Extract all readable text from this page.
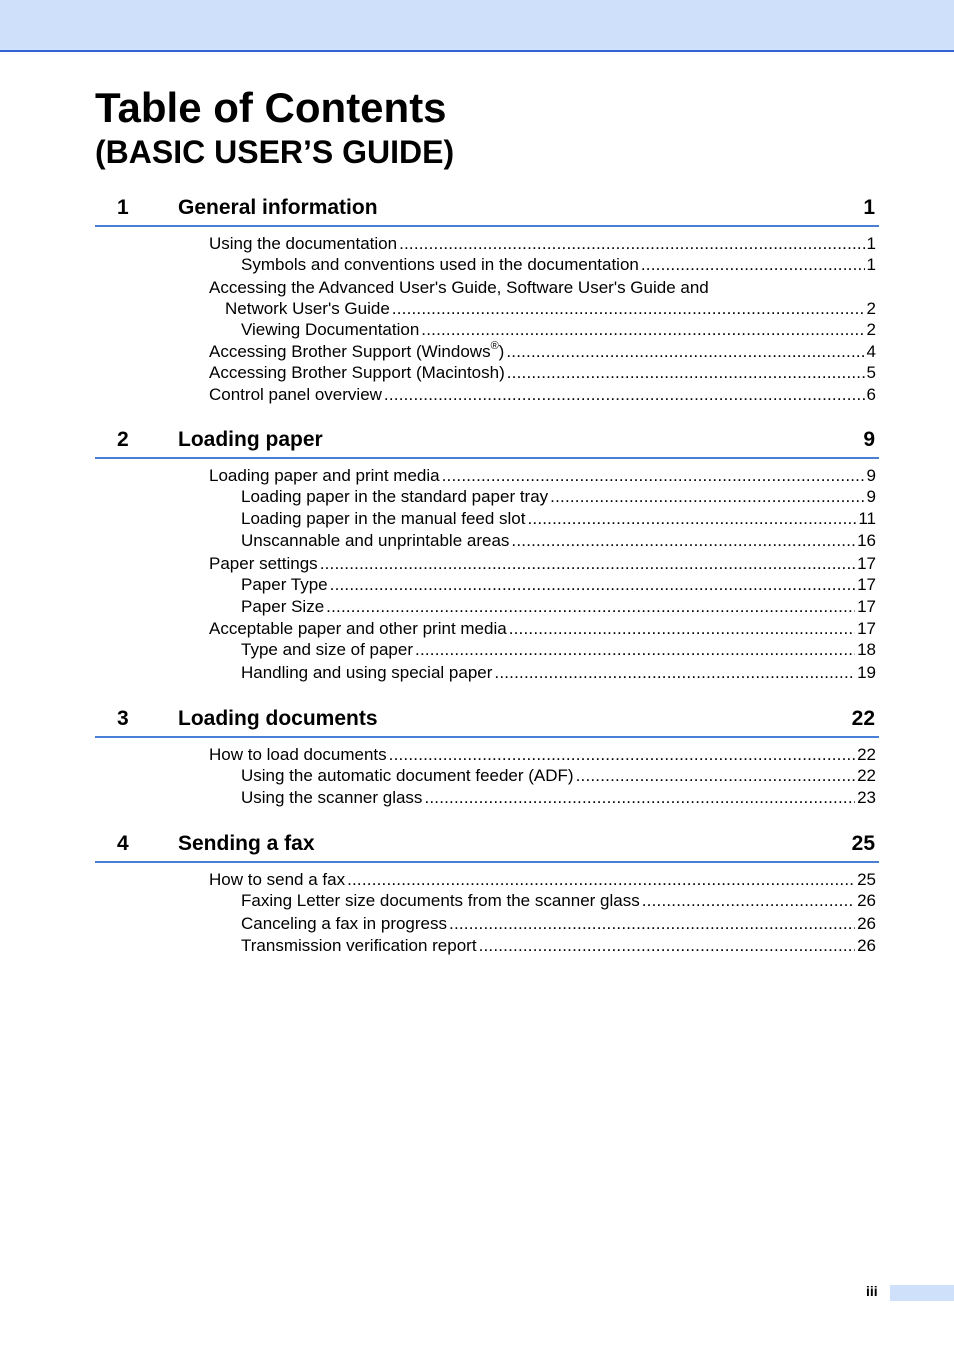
Table of Contents
(BASIC USER’S GUIDE)
1 General information	1
Using the documentation .....	1
Symbols and conventions used in the documentation .....	1
Accessing the Advanced User's Guide, Software User's Guide and
Network User's Guide .....	2
Viewing Documentation .....	2
Accessing Brother Support (Windows®) .....	4
Accessing Brother Support (Macintosh) .....	5
Control panel overview .....	6
2 Loading paper	9
Loading paper and print media .....	9
Loading paper in the standard paper tray .....	9
Loading paper in the manual feed slot .....	11
Unscannable and unprintable areas .....	16
Paper settings .....	17
Paper Type .....	17
Paper Size .....	17
Acceptable paper and other print media .....	17
Type and size of paper .....	18
Handling and using special paper .....	19
3 Loading documents	22
How to load documents .....	22
Using the automatic document feeder (ADF) .....	22
Using the scanner glass .....	23
4 Sending a fax	25
How to send a fax .....	25
Faxing Letter size documents from the scanner glass .....	26
Canceling a fax in progress .....	26
Transmission verification report .....	26
iii
